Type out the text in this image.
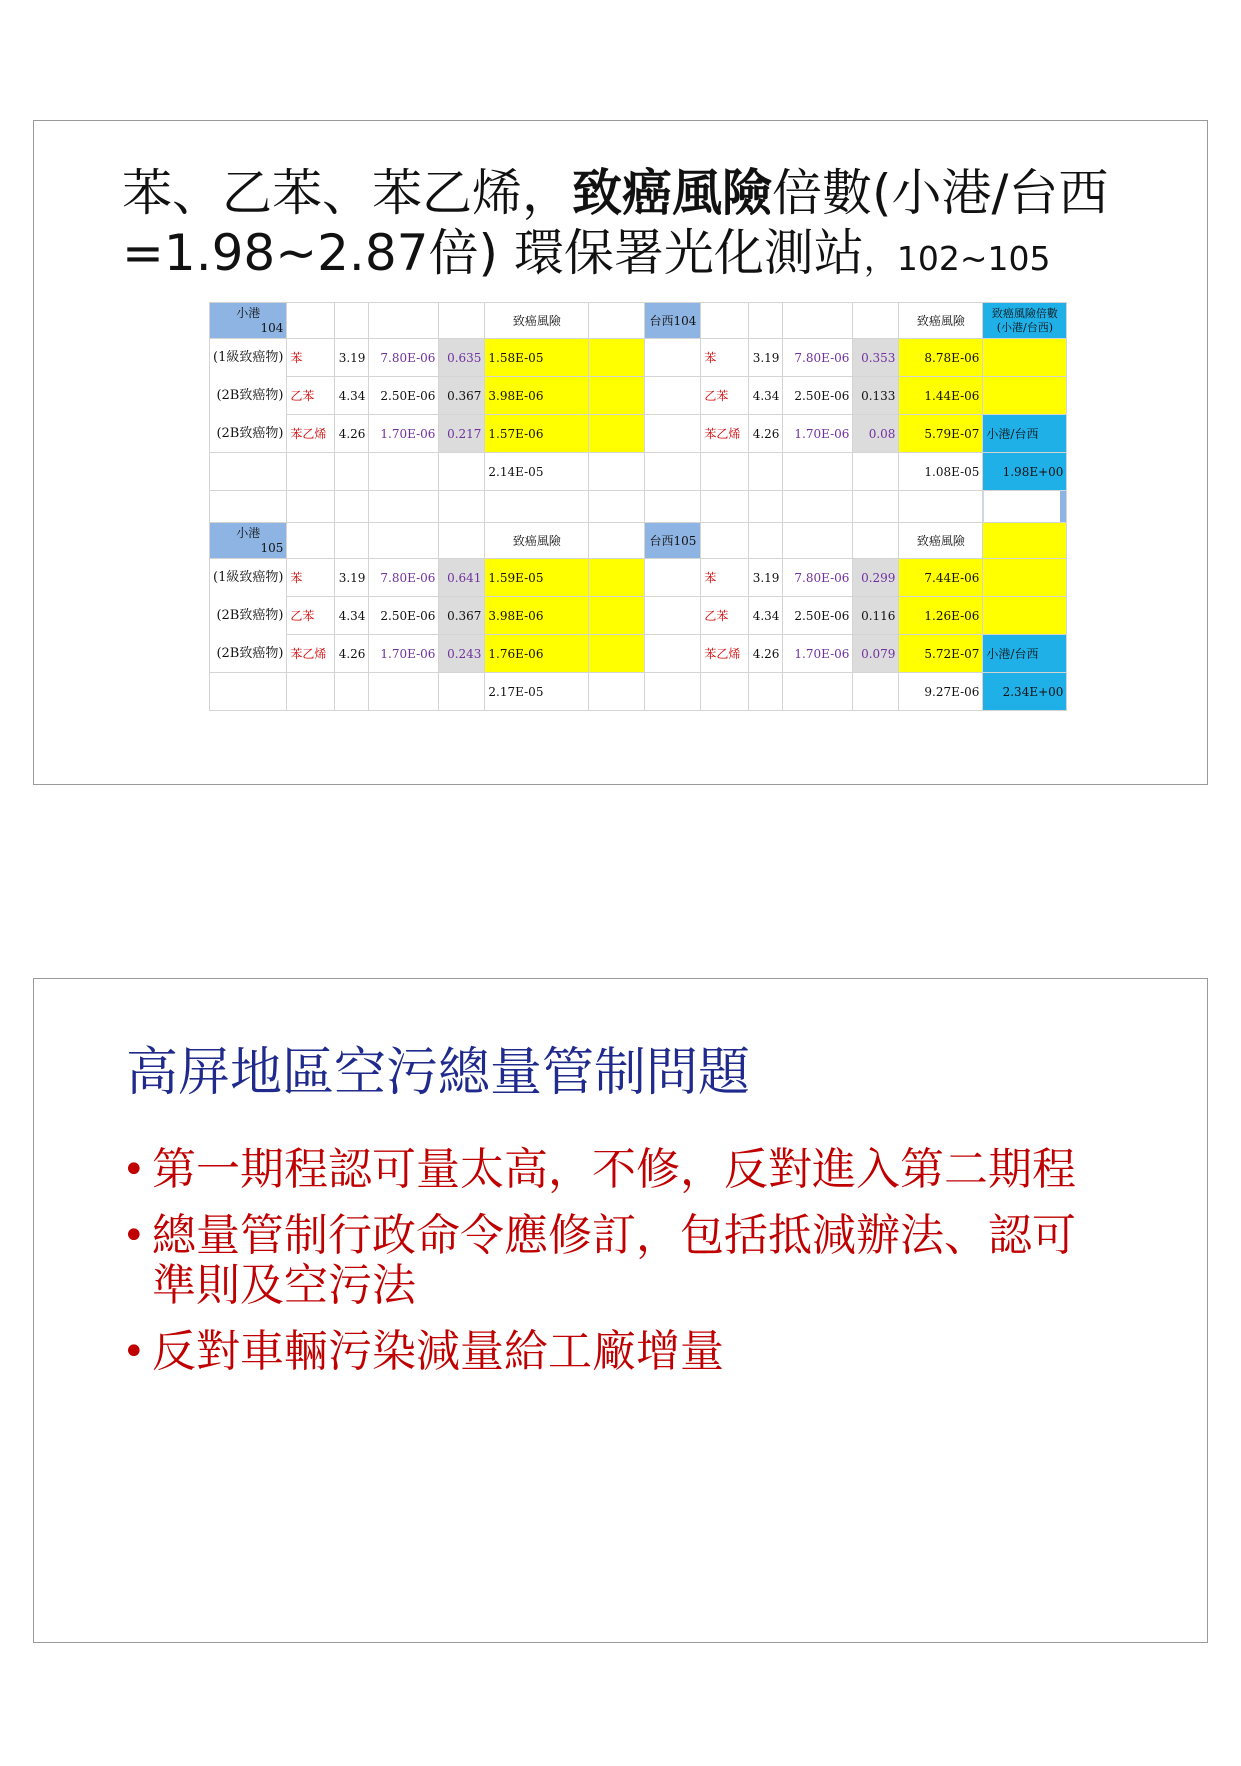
苯、乙苯、苯乙烯，致癌風險倍數(小港/台西=1.98~2.87倍) 環保署光化測站，102~105
小港
104					致癌風險		台西104					致癌風險	致癌風險倍數(小港/台西)
(1級致癌物)	苯	3.19	7.80E-06	0.635	1.58E-05			苯	3.19	7.80E-06	0.353	8.78E-06	
(2B致癌物)	乙苯	4.34	2.50E-06	0.367	3.98E-06			乙苯	4.34	2.50E-06	0.133	1.44E-06	
(2B致癌物)	苯乙烯	4.26	1.70E-06	0.217	1.57E-06			苯乙烯	4.26	1.70E-06	0.08	5.79E-07	小港/台西
					2.14E-05							1.08E-05	1.98E+00

小港
105					致癌風險		台西105					致癌風險	
(1級致癌物)	苯	3.19	7.80E-06	0.641	1.59E-05			苯	3.19	7.80E-06	0.299	7.44E-06	
(2B致癌物)	乙苯	4.34	2.50E-06	0.367	3.98E-06			乙苯	4.34	2.50E-06	0.116	1.26E-06	
(2B致癌物)	苯乙烯	4.26	1.70E-06	0.243	1.76E-06			苯乙烯	4.26	1.70E-06	0.079	5.72E-07	小港/台西
					2.17E-05							9.27E-06	2.34E+00
高屏地區空污總量管制問題
• 第一期程認可量太高，不修，反對進入第二期程
• 總量管制行政命令應修訂，包括抵減辦法、認可準則及空污法
• 反對車輛污染減量給工廠增量
